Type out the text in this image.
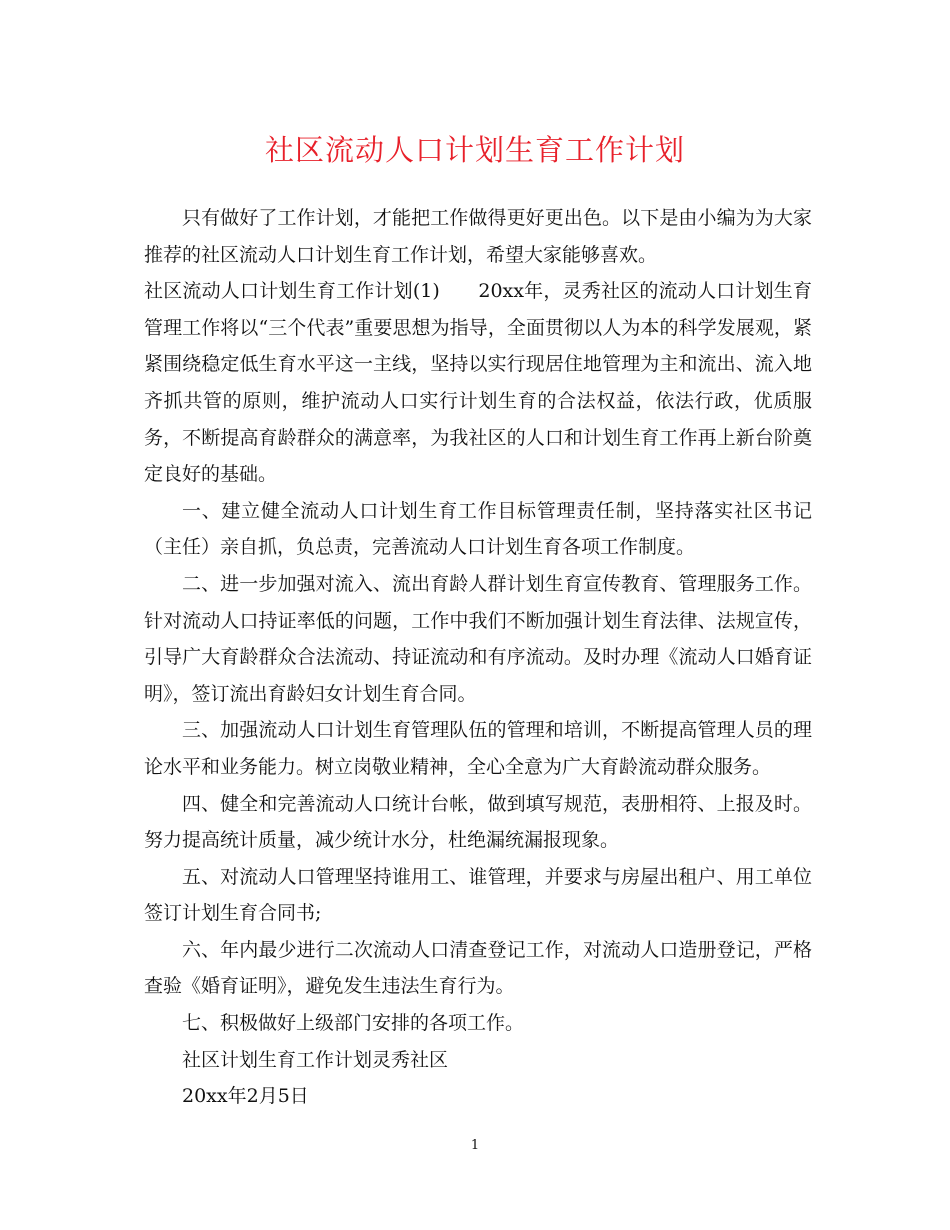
社区流动人口计划生育工作计划

只有做好了工作计划，才能把工作做得更好更出色。以下是由小编为为大家推荐的社区流动人口计划生育工作计划，希望大家能够喜欢。

社区流动人口计划生育工作计划(1)　　20xx年，灵秀社区的流动人口计划生育管理工作将以“三个代表”重要思想为指导，全面贯彻以人为本的科学发展观，紧紧围绕稳定低生育水平这一主线，坚持以实行现居住地管理为主和流出、流入地齐抓共管的原则，维护流动人口实行计划生育的合法权益，依法行政，优质服务，不断提高育龄群众的满意率，为我社区的人口和计划生育工作再上新台阶奠定良好的基础。

一、建立健全流动人口计划生育工作目标管理责任制，坚持落实社区书记（主任）亲自抓，负总责，完善流动人口计划生育各项工作制度。

二、进一步加强对流入、流出育龄人群计划生育宣传教育、管理服务工作。针对流动人口持证率低的问题，工作中我们不断加强计划生育法律、法规宣传，引导广大育龄群众合法流动、持证流动和有序流动。及时办理《流动人口婚育证明》，签订流出育龄妇女计划生育合同。

三、加强流动人口计划生育管理队伍的管理和培训，不断提高管理人员的理论水平和业务能力。树立岗敬业精神，全心全意为广大育龄流动群众服务。

四、健全和完善流动人口统计台帐，做到填写规范，表册相符、上报及时。努力提高统计质量，减少统计水分，杜绝漏统漏报现象。

五、对流动人口管理坚持谁用工、谁管理，并要求与房屋出租户、用工单位签订计划生育合同书;

六、年内最少进行二次流动人口清查登记工作，对流动人口造册登记，严格查验《婚育证明》，避免发生违法生育行为。

七、积极做好上级部门安排的各项工作。

社区计划生育工作计划灵秀社区

20xx年2月5日

1
